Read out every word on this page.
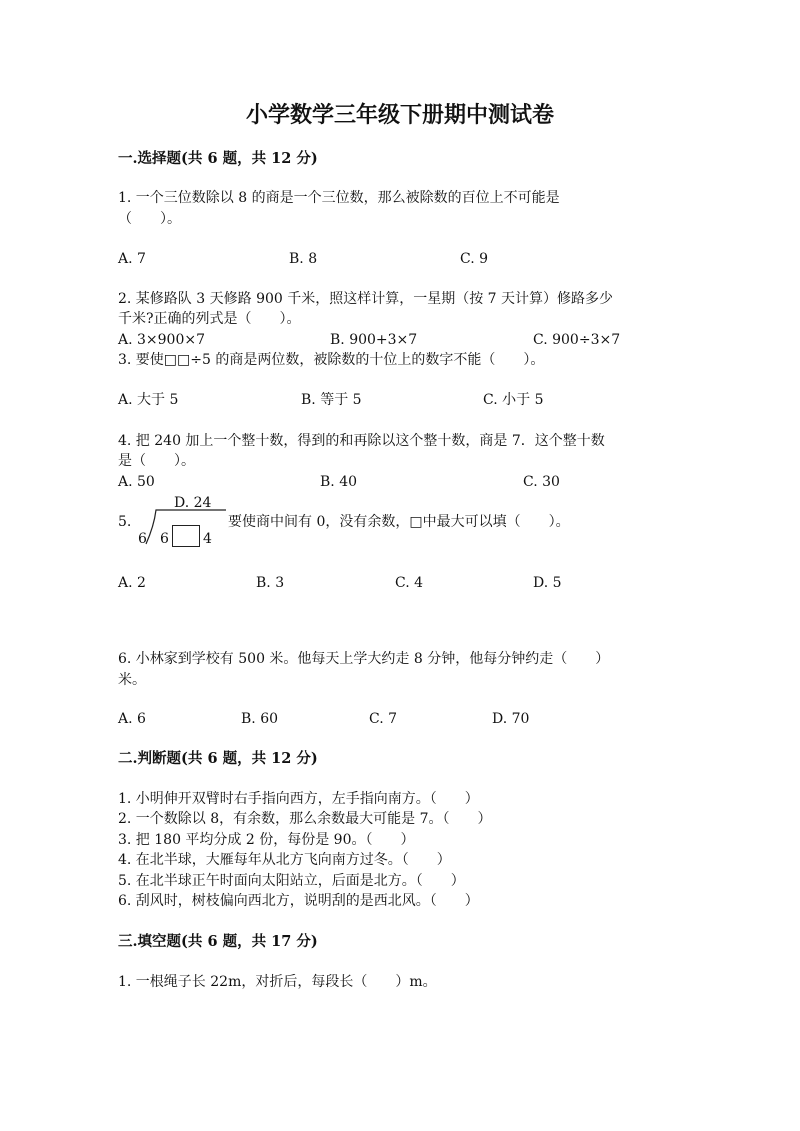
小学数学三年级下册期中测试卷
一.选择题(共 6 题，共 12 分)
1. 一个三位数除以 8 的商是一个三位数，那么被除数的百位上不可能是
（　　）。
A. 7	B. 8	C. 9
2. 某修路队 3 天修路 900 千米，照这样计算，一星期（按 7 天计算）修路多少
千米?正确的列式是（　　）。
A. 3×900×7	B. 900+3×7	C. 900÷3×7
3. 要使□□÷5 的商是两位数，被除数的十位上的数字不能（　　）。
A. 大于 5	B. 等于 5	C. 小于 5
4. 把 240 加上一个整十数，得到的和再除以这个整十数，商是 7．这个整十数
是（　　）。
A. 50	B. 40	C. 30
D. 24
5.
6 6 4
要使商中间有 0，没有余数，□中最大可以填（　　）。
A. 2	B. 3	C. 4	D. 5
6. 小林家到学校有 500 米。他每天上学大约走 8 分钟，他每分钟约走（　　）
米。
A. 6	B. 60	C. 7	D. 70
二.判断题(共 6 题，共 12 分)
1. 小明伸开双臂时右手指向西方，左手指向南方。（　　）
2. 一个数除以 8，有余数，那么余数最大可能是 7。（　　）
3. 把 180 平均分成 2 份，每份是 90。（　　）
4. 在北半球，大雁每年从北方飞向南方过冬。（　　）
5. 在北半球正午时面向太阳站立，后面是北方。（　　）
6. 刮风时，树枝偏向西北方，说明刮的是西北风。（　　）
三.填空题(共 6 题，共 17 分)
1. 一根绳子长 22m，对折后，每段长（　　）m。
